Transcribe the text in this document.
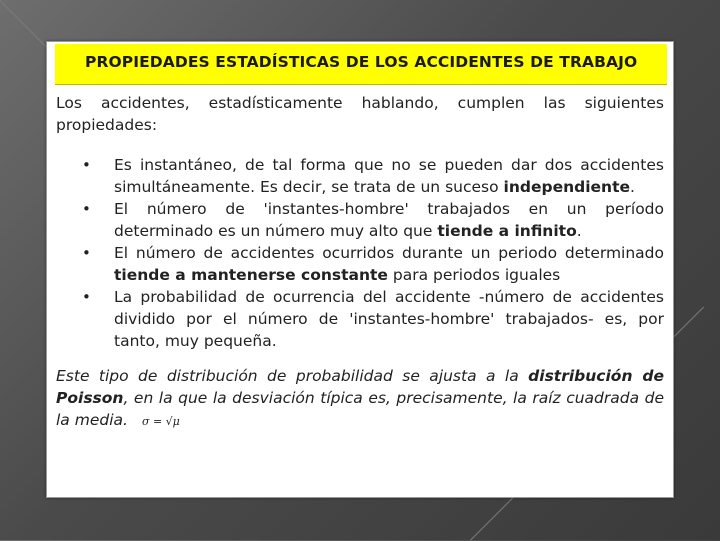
PROPIEDADES ESTADÍSTICAS DE LOS ACCIDENTES DE TRABAJO

Los accidentes, estadísticamente hablando, cumplen las siguientes propiedades:

• Es instantáneo, de tal forma que no se pueden dar dos accidentes simultáneamente. Es decir, se trata de un suceso independiente.
• El número de 'instantes-hombre' trabajados en un período determinado es un número muy alto que tiende a infinito.
• El número de accidentes ocurridos durante un periodo determinado tiende a mantenerse constante para periodos iguales
• La probabilidad de ocurrencia del accidente -número de accidentes dividido por el número de 'instantes-hombre' trabajados- es, por tanto, muy pequeña.
Este tipo de distribución de probabilidad se ajusta a la distribución de Poisson, en la que la desviación típica es, precisamente, la raíz cuadrada de la media. σ = √μ
